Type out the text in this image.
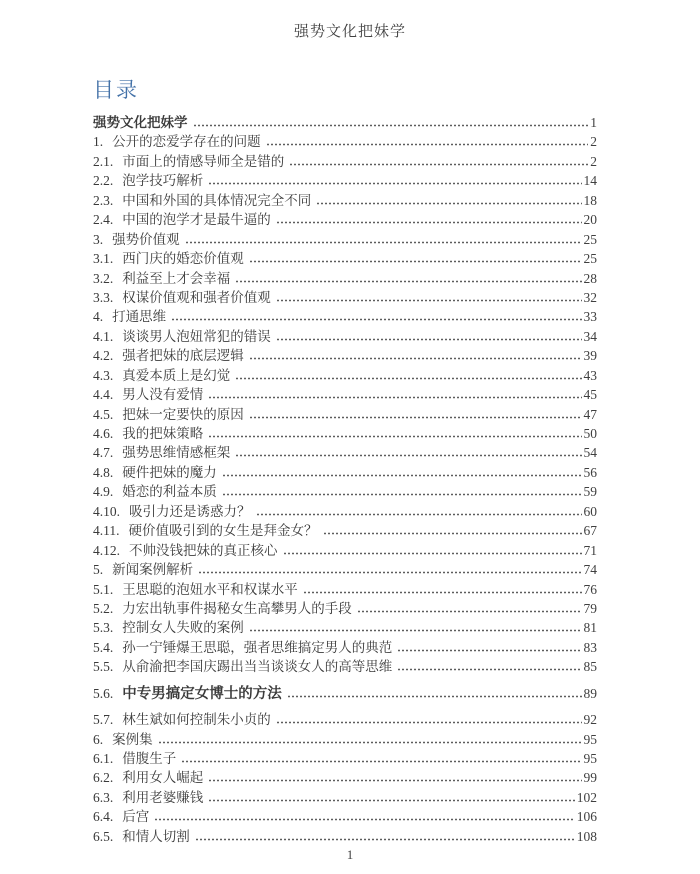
强势文化把妹学
目录
强势文化把妹学	1
1. 公开的恋爱学存在的问题	2
2.1. 市面上的情感导师全是错的	2
2.2. 泡学技巧解析	14
2.3. 中国和外国的具体情况完全不同	18
2.4. 中国的泡学才是最牛逼的	20
3. 强势价值观	25
3.1. 西门庆的婚恋价值观	25
3.2. 利益至上才会幸福	28
3.3. 权谋价值观和强者价值观	32
4. 打通思维	33
4.1. 谈谈男人泡妞常犯的错误	34
4.2. 强者把妹的底层逻辑	39
4.3. 真爱本质上是幻觉	43
4.4. 男人没有爱情	45
4.5. 把妹一定要快的原因	47
4.6. 我的把妹策略	50
4.7. 强势思维情感框架	54
4.8. 硬件把妹的魔力	56
4.9. 婚恋的利益本质	59
4.10. 吸引力还是诱惑力？	60
4.11. 硬价值吸引到的女生是拜金女？	67
4.12. 不帅没钱把妹的真正核心	71
5. 新闻案例解析	74
5.1. 王思聪的泡妞水平和权谋水平	76
5.2. 力宏出轨事件揭秘女生高攀男人的手段	79
5.3. 控制女人失败的案例	81
5.4. 孙一宁锤爆王思聪，强者思维搞定男人的典范	83
5.5. 从俞渝把李国庆踢出当当谈谈女人的高等思维	85
5.6. 中专男搞定女博士的方法	89
5.7. 林生斌如何控制朱小贞的	92
6. 案例集	95
6.1. 借腹生子	95
6.2. 利用女人崛起	99
6.3. 利用老婆赚钱	102
6.4. 后宫	106
6.5. 和情人切割	108
1
